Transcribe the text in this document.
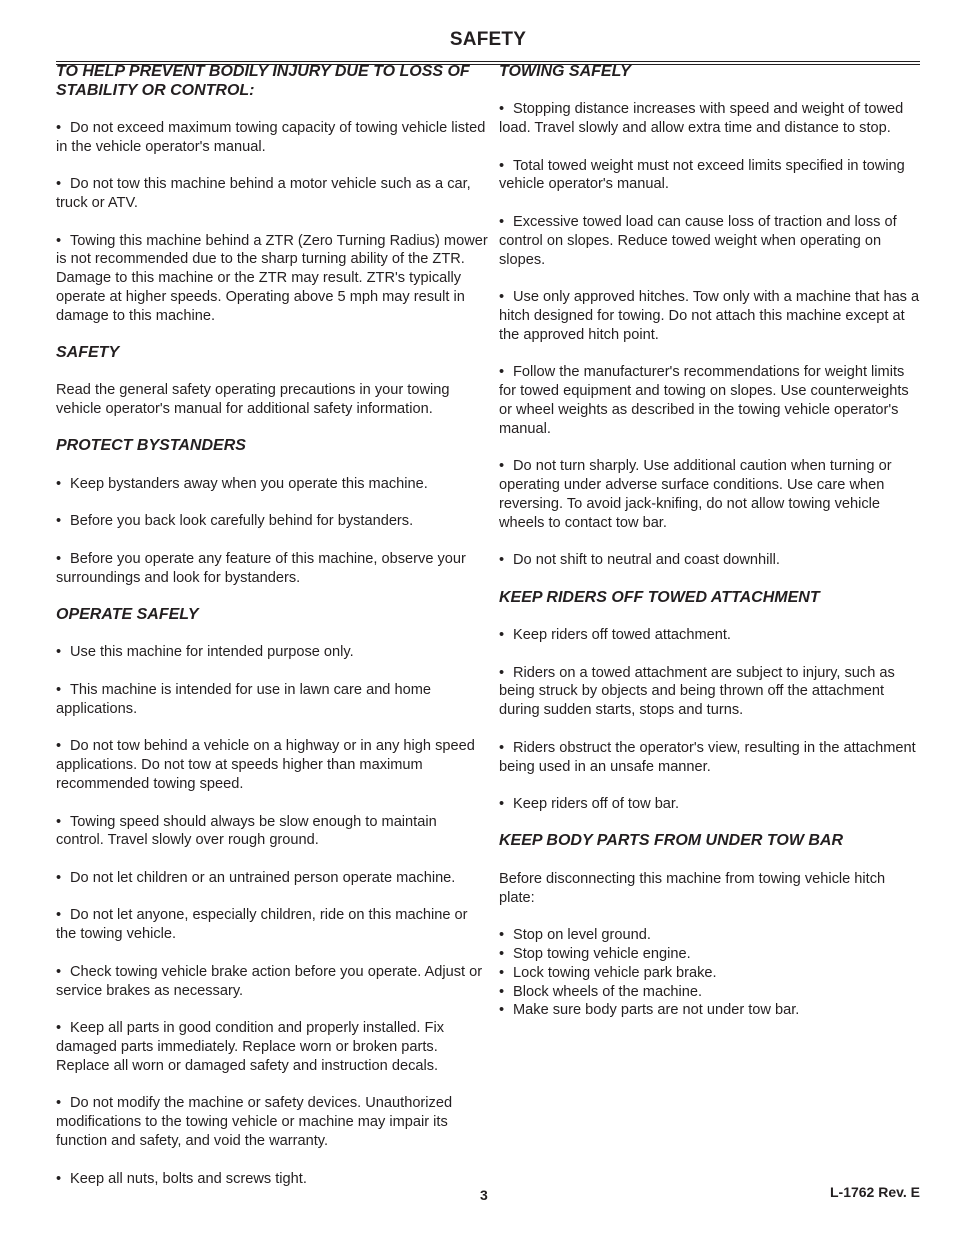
SAFETY

TO HELP PREVENT BODILY INJURY DUE TO LOSS OF STABILITY OR CONTROL:

• Do not exceed maximum towing capacity of towing vehicle listed in the vehicle operator's manual.

• Do not tow this machine behind a motor vehicle such as a car, truck or ATV.

• Towing this machine behind a ZTR (Zero Turning Radius) mower is not recommended due to the sharp turning ability of the ZTR. Damage to this machine or the ZTR may result. ZTR's typically operate at higher speeds. Operating above 5 mph may result in damage to this machine.

SAFETY

Read the general safety operating precautions in your towing vehicle operator's manual for additional safety information.

PROTECT BYSTANDERS

• Keep bystanders away when you operate this machine.

• Before you back look carefully behind for bystanders.

• Before you operate any feature of this machine, observe your surroundings and look for bystanders.

OPERATE SAFELY

• Use this machine for intended purpose only.

• This machine is intended for use in lawn care and home applications.

• Do not tow behind a vehicle on a highway or in any high speed applications. Do not tow at speeds higher than maximum recommended towing speed.

• Towing speed should always be slow enough to maintain control. Travel slowly over rough ground.

• Do not let children or an untrained person operate machine.

• Do not let anyone, especially children, ride on this machine or the towing vehicle.

• Check towing vehicle brake action before you operate. Adjust or service brakes as necessary.

• Keep all parts in good condition and properly installed. Fix damaged parts immediately. Replace worn or broken parts. Replace all worn or damaged safety and instruction decals.

• Do not modify the machine or safety devices. Unauthorized modifications to the towing vehicle or machine may impair its function and safety, and void the warranty.

• Keep all nuts, bolts and screws tight.

TOWING SAFELY

• Stopping distance increases with speed and weight of towed load. Travel slowly and allow extra time and distance to stop.

• Total towed weight must not exceed limits specified in towing vehicle operator's manual.

• Excessive towed load can cause loss of traction and loss of control on slopes. Reduce towed weight when operating on slopes.

• Use only approved hitches. Tow only with a machine that has a hitch designed for towing. Do not attach this machine except at the approved hitch point.

• Follow the manufacturer's recommendations for weight limits for towed equipment and towing on slopes. Use counterweights or wheel weights as described in the towing vehicle operator's manual.

• Do not turn sharply. Use additional caution when turning or operating under adverse surface conditions. Use care when reversing. To avoid jack-knifing, do not allow towing vehicle wheels to contact tow bar.

• Do not shift to neutral and coast downhill.

KEEP RIDERS OFF TOWED ATTACHMENT

• Keep riders off towed attachment.

• Riders on a towed attachment are subject to injury, such as being struck by objects and being thrown off the attachment during sudden starts, stops and turns.

• Riders obstruct the operator's view, resulting in the attachment being used in an unsafe manner.

• Keep riders off of tow bar.

KEEP BODY PARTS FROM UNDER TOW BAR

Before disconnecting this machine from towing vehicle hitch plate:

• Stop on level ground.

• Stop towing vehicle engine.

• Lock towing vehicle park brake.

• Block wheels of the machine.

• Make sure body parts are not under tow bar.

3	L-1762 Rev. E
